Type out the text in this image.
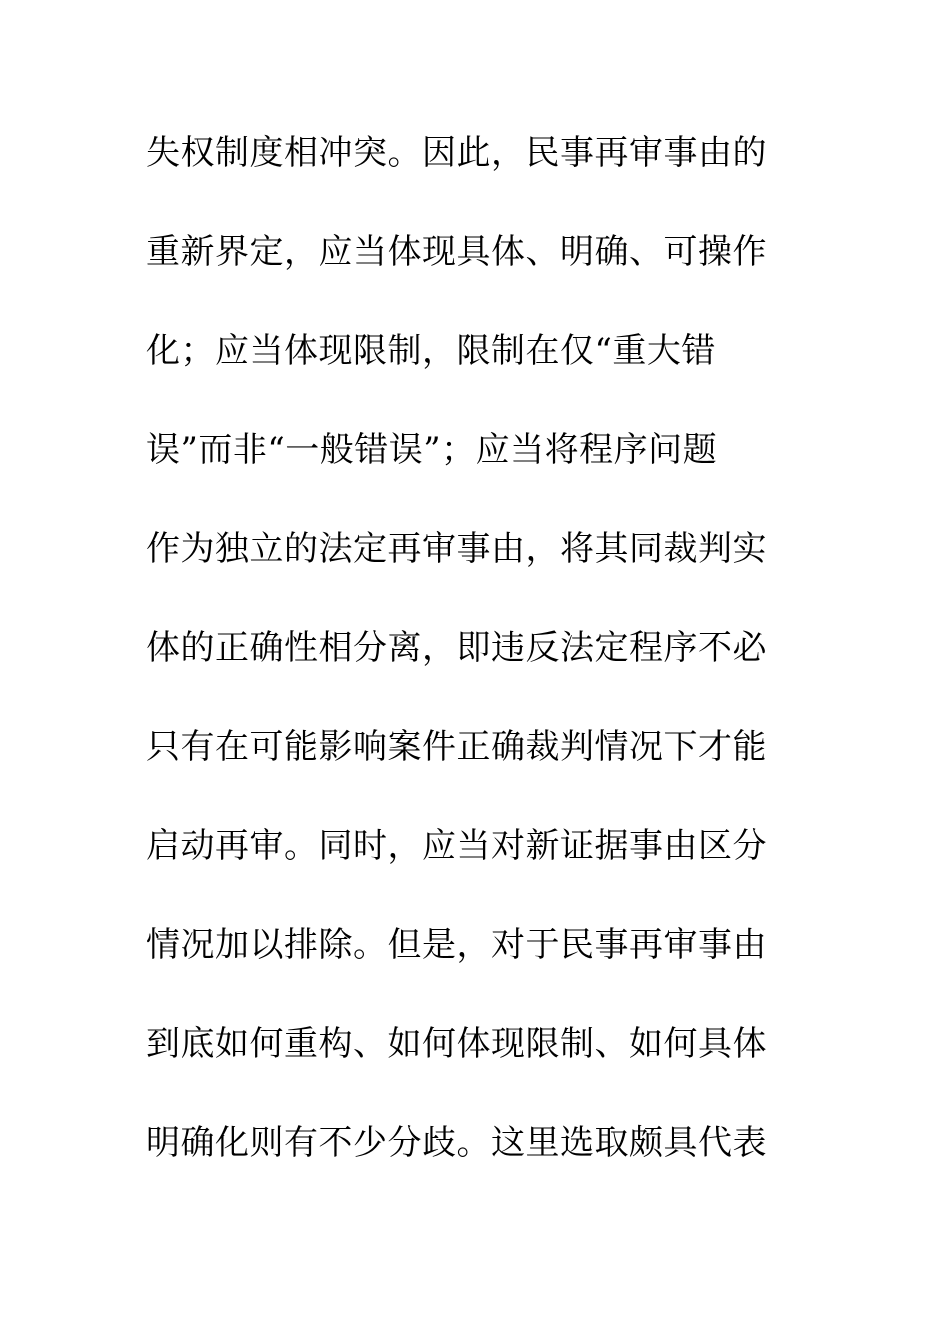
失权制度相冲突。因此，民事再审事由的
重新界定，应当体现具体、明确、可操作
化；应当体现限制，限制在仅“重大错
误”而非“一般错误”；应当将程序问题
作为独立的法定再审事由，将其同裁判实
体的正确性相分离，即违反法定程序不必
只有在可能影响案件正确裁判情况下才能
启动再审。同时，应当对新证据事由区分
情况加以排除。但是，对于民事再审事由
到底如何重构、如何体现限制、如何具体
明确化则有不少分歧。这里选取颇具代表
